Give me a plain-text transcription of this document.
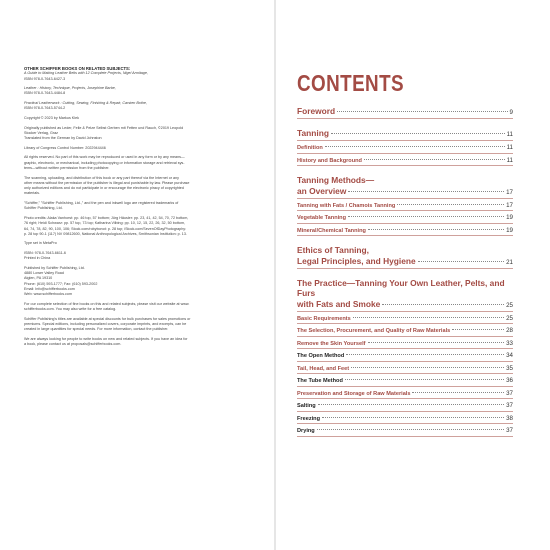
OTHER SCHIFFER BOOKS ON RELATED SUBJECTS:

A Guide to Making Leather Belts with 12 Complete Projects, Nigel Armitage,

ISBN 978-0-7643-6427-3

Leather : History, Technique, Projects, Josephine Barbe,

ISBN 978-0-7643-4484-8

Practical Leatherwork : Cutting, Sewing, Finishing & Repair, Carsten Bothe,

ISBN 978-0-7643-5744-2

Copyright © 2023 by Markus Klek

Originally published as Leder, Felle & Pelze Selbst Gerben mit Fetten und Rauch, ©2019 Leopold

Stocker Verlag, Graz

Translated from the German by David Johnston

Library of Congress Control Number: 2022944446

All rights reserved. No part of this work may be reproduced or used in any form or by any means—

graphic, electronic, or mechanical, including photocopying or information storage and retrieval sys-

tems—without written permission from the publisher.

The scanning, uploading, and distribution of this book or any part thereof via the Internet or any

other means without the permission of the publisher is illegal and punishable by law. Please purchase

only authorized editions and do not participate in or encourage the electronic piracy of copyrighted

materials.

"Schiffer," "Schiffer Publishing, Ltd.," and the pen and inkwell logo are registered trademarks of

Schiffer Publishing, Ltd.

Photo credits: Alaka Vanhorst: pp. 46 top, 57 bottom; Jürg Häusler: pp. 23, 41, 42, 54, 70, 72 bottom,

76 right; Heidi Schwarz: pp. 57 top, 73 top; Katharina Vilbing: pp. 10, 12, 15, 22, 26, 32, 50 bottom,

64, 74, 78, 82, 90, 100, 106; Stock.com/robybonot: p. 28 top; iStock.com/SevenOfDayPhotography:

p. 28 top 90-1 (117) NV 09812600, National Anthropological Archives, Smithsonian Institution: p. 13.

Type set in MetaPro

ISBN: 978-0-7643-6611-6

Printed in China

Published by Schiffer Publishing, Ltd.

4880 Lower Valley Road

Atglen, PA 19310

Phone: (610) 593-1777; Fax: (610) 593-2002

Email: Info@schifferbooks.com

Web: www.schifferbooks.com

For our complete selection of fine books on this and related subjects, please visit our website at www.

schifferbooks.com. You may also write for a free catalog.

Schiffer Publishing's titles are available at special discounts for bulk purchases for sales promotions or

premiums. Special editions, including personalized covers, corporate imprints, and excerpts, can be

created in large quantities for special needs. For more information, contact the publisher.

We are always looking for people to write books on new and related subjects. If you have an idea for

a book, please contact us at proposals@schifferbooks.com.

CONTENTS
Foreword	9
Tanning	11
Definition	11
History and Background	11
Tanning Methods—
an Overview	17
Tanning with Fats / Chamois Tanning	17
Vegetable Tanning	19
Mineral/Chemical Tanning	19
Ethics of Tanning,
Legal Principles, and Hygiene	21
The Practice—Tanning Your Own Leather, Pelts, and Furs
with Fats and Smoke	25
Basic Requirements	25
The Selection, Procurement, and Quality of Raw Materials	28
Remove the Skin Yourself	33
The Open Method	34
Tail, Head, and Feet	35
The Tube Method	36
Preservation and Storage of Raw Materials	37
Salting	37
Freezing	38
Drying	37
